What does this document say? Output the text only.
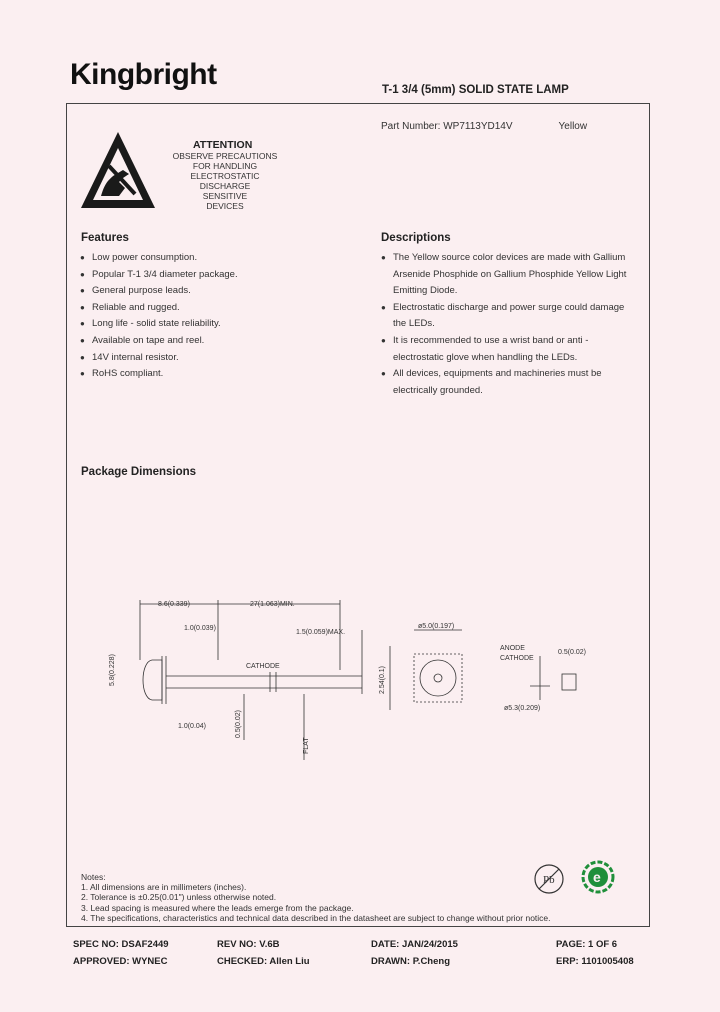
Kingbright	T-1 3/4 (5mm) SOLID STATE LAMP
Part Number: WP7113YD14V	Yellow
ATTENTION
OBSERVE PRECAUTIONS
FOR HANDLING
ELECTROSTATIC
DISCHARGE
SENSITIVE
DEVICES
Features
● Low power consumption.
● Popular T-1 3/4 diameter package.
● General purpose leads.
● Reliable and rugged.
● Long life - solid state reliability.
● Available on tape and reel.
● 14V internal resistor.
● RoHS compliant.
Descriptions
● The Yellow source color devices are made with Gallium
Arsenide Phosphide on Gallium Phosphide Yellow Light
Emitting Diode.
● Electrostatic discharge and power surge could damage
the LEDs.
● It is recommended to use a wrist band or anti -
electrostatic glove when handling the LEDs.
● All devices, equipments and machineries must be
electrically grounded.
Package Dimensions
8.6(0.339)	27(1.063)MIN.
1.0(0.039)
1.5(0.059)MAX.
CATHODE
5.8(0.228)
1.0(0.04)	0.5(0.02)
2.54(0.1)
ø5.0(0.197)
ANODE
CATHODE
0.5(0.02)
FLAT
ø5.3(0.209)
Notes:
1. All dimensions are in millimeters (inches).
2. Tolerance is ±0.25(0.01") unless otherwise noted.
3. Lead spacing is measured where the leads emerge from the package.
4. The specifications, characteristics and technical data described in the datasheet are subject to change without prior notice.
Pb	e
SPEC NO: DSAF2449	REV NO: V.6B	DATE: JAN/24/2015	PAGE: 1 OF 6
APPROVED: WYNEC	CHECKED: Allen Liu	DRAWN: P.Cheng	ERP: 1101005408
